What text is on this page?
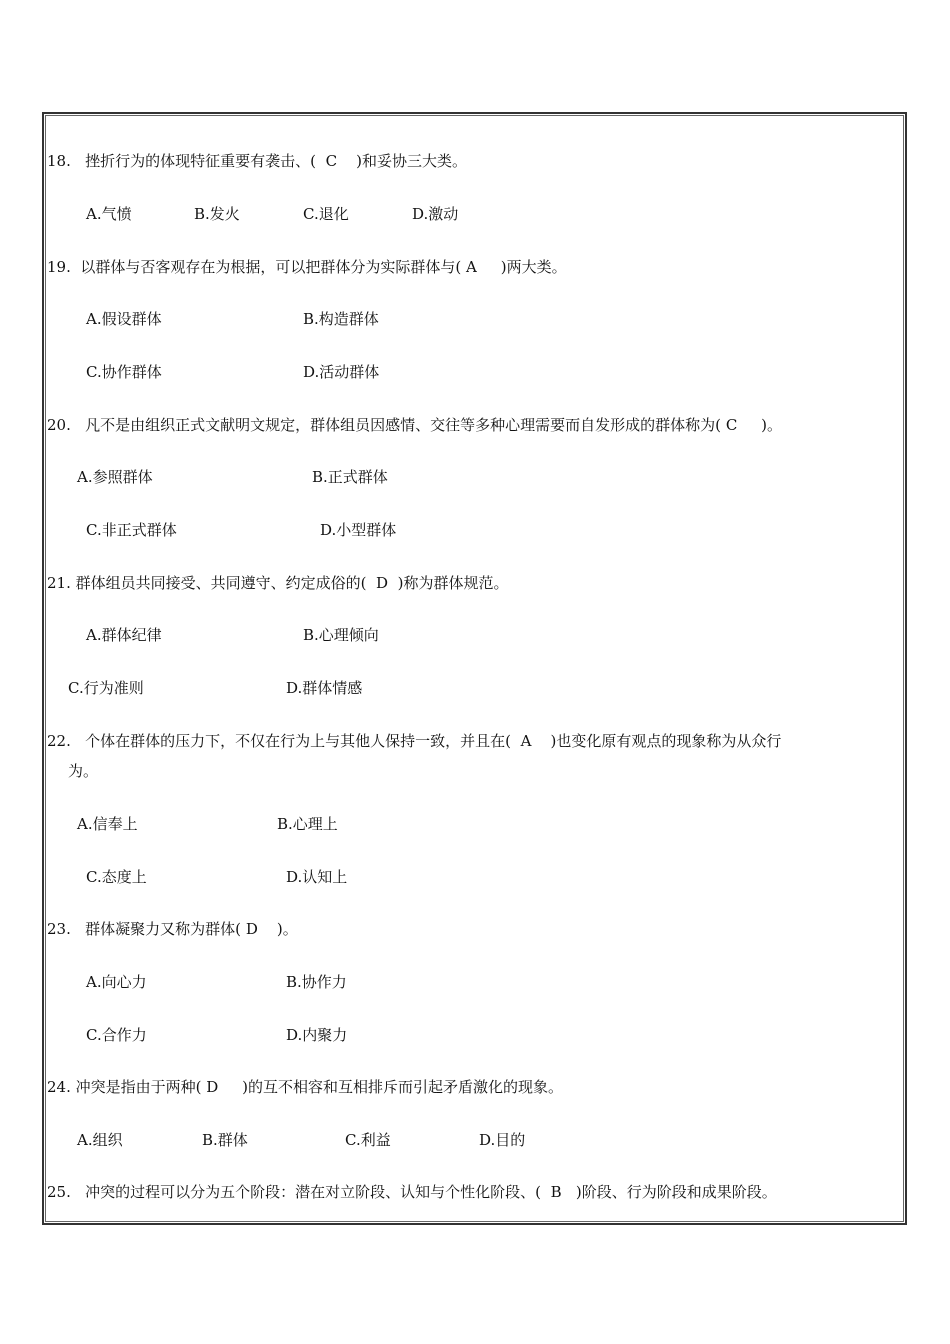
18. 挫折行为的体现特征重要有袭击、( C )和妥协三大类。
A.气愤	B.发火	C.退化	D.激动
19. 以群体与否客观存在为根据，可以把群体分为实际群体与( A )两大类。
A.假设群体	B.构造群体
C.协作群体	D.活动群体
20. 凡不是由组织正式文献明文规定，群体组员因感情、交往等多种心理需要而自发形成的群体称为( C )。
A.参照群体	B.正式群体
C.非正式群体	D.小型群体
21. 群体组员共同接受、共同遵守、约定成俗的( D )称为群体规范。
A.群体纪律	B.心理倾向
C.行为准则	D.群体情感
22. 个体在群体的压力下，不仅在行为上与其他人保持一致，并且在( A )也变化原有观点的现象称为从众行
为。
A.信奉上	B.心理上
C.态度上	D.认知上
23. 群体凝聚力又称为群体( D )。
A.向心力	B.协作力
C.合作力	D.内聚力
24. 冲突是指由于两种( D )的互不相容和互相排斥而引起矛盾激化的现象。
A.组织	B.群体	C.利益	D.目的
25. 冲突的过程可以分为五个阶段：潜在对立阶段、认知与个性化阶段、( B )阶段、行为阶段和成果阶段。
